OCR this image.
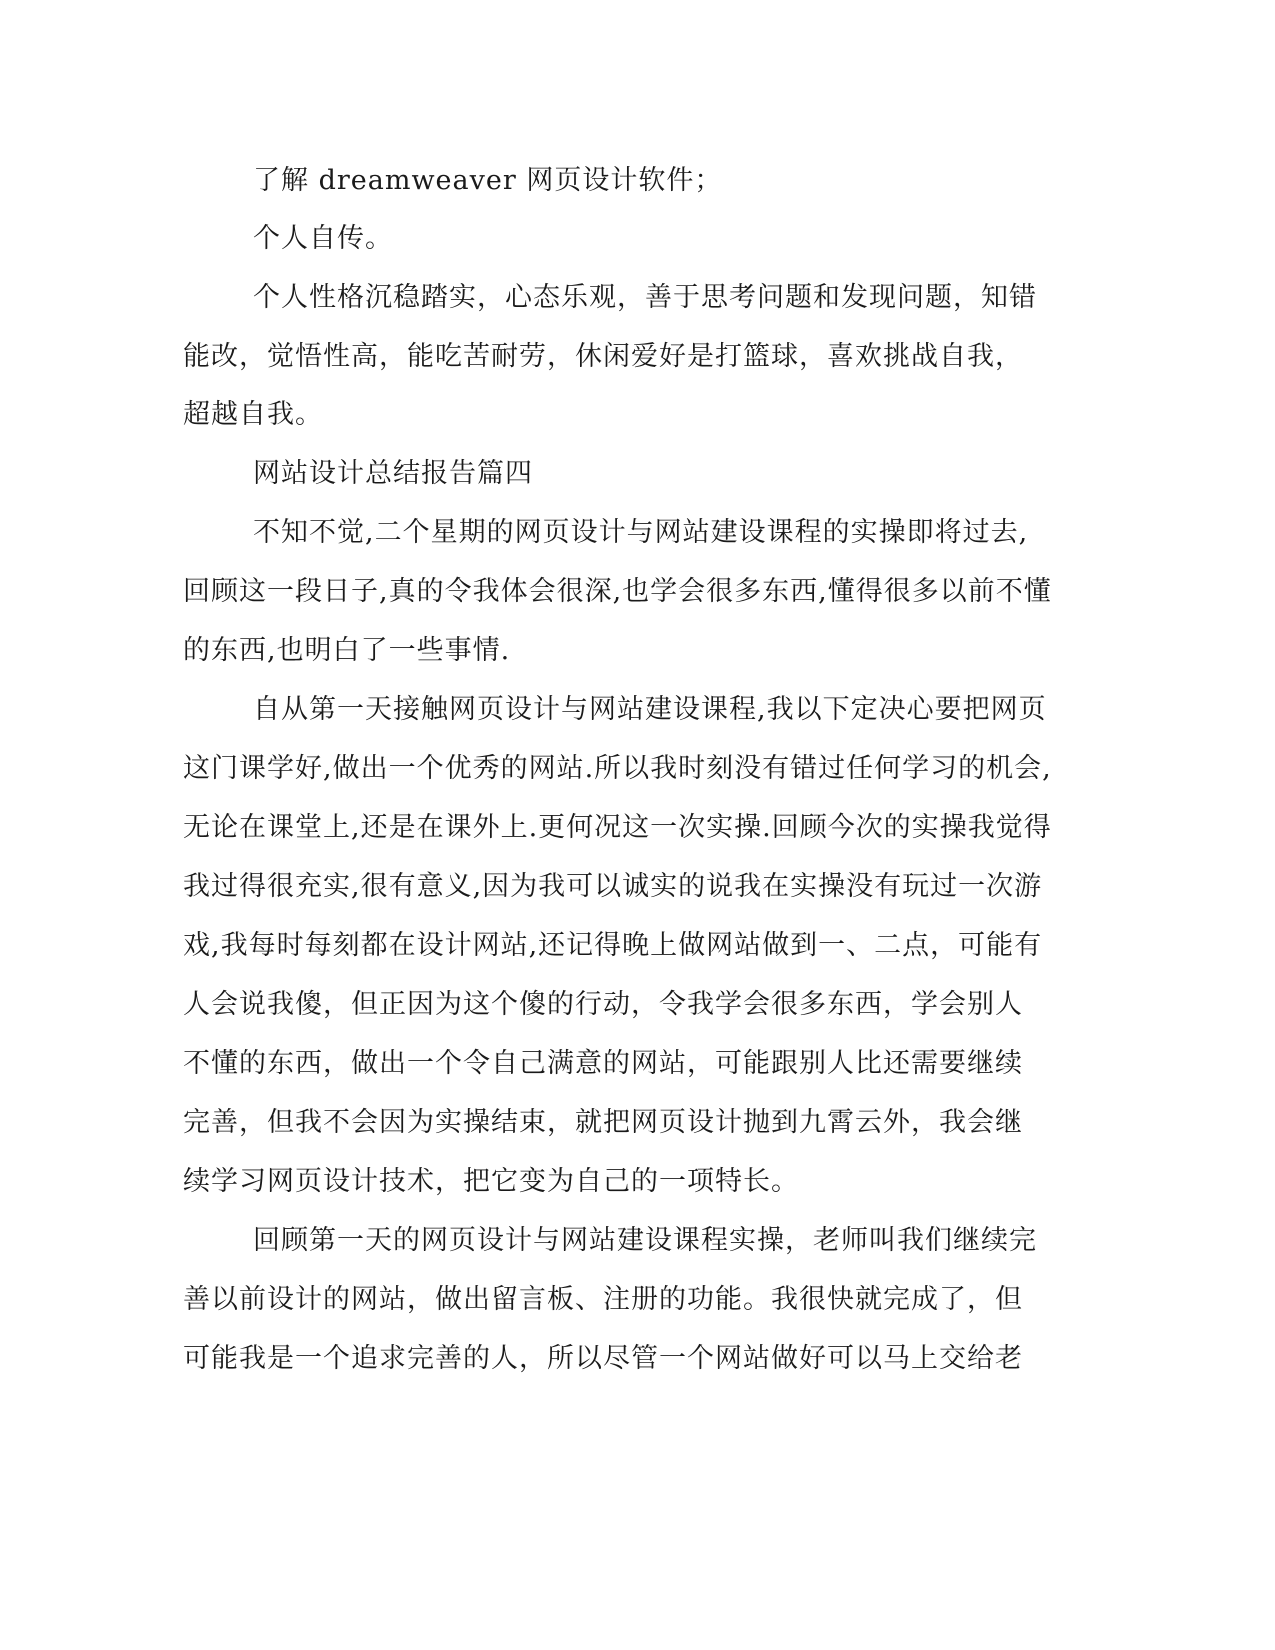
了解 dreamweaver 网页设计软件；
个人自传。
个人性格沉稳踏实，心态乐观，善于思考问题和发现问题，知错
能改，觉悟性高，能吃苦耐劳，休闲爱好是打篮球，喜欢挑战自我，
超越自我。
网站设计总结报告篇四
不知不觉,二个星期的网页设计与网站建设课程的实操即将过去,
回顾这一段日子,真的令我体会很深,也学会很多东西,懂得很多以前不懂
的东西,也明白了一些事情.
自从第一天接触网页设计与网站建设课程,我以下定决心要把网页
这门课学好,做出一个优秀的网站.所以我时刻没有错过任何学习的机会,
无论在课堂上,还是在课外上.更何况这一次实操.回顾今次的实操我觉得
我过得很充实,很有意义,因为我可以诚实的说我在实操没有玩过一次游
戏,我每时每刻都在设计网站,还记得晚上做网站做到一、二点，可能有
人会说我傻，但正因为这个傻的行动，令我学会很多东西，学会别人
不懂的东西，做出一个令自己满意的网站，可能跟别人比还需要继续
完善，但我不会因为实操结束，就把网页设计抛到九霄云外，我会继
续学习网页设计技术，把它变为自己的一项特长。
回顾第一天的网页设计与网站建设课程实操，老师叫我们继续完
善以前设计的网站，做出留言板、注册的功能。我很快就完成了，但
可能我是一个追求完善的人，所以尽管一个网站做好可以马上交给老
